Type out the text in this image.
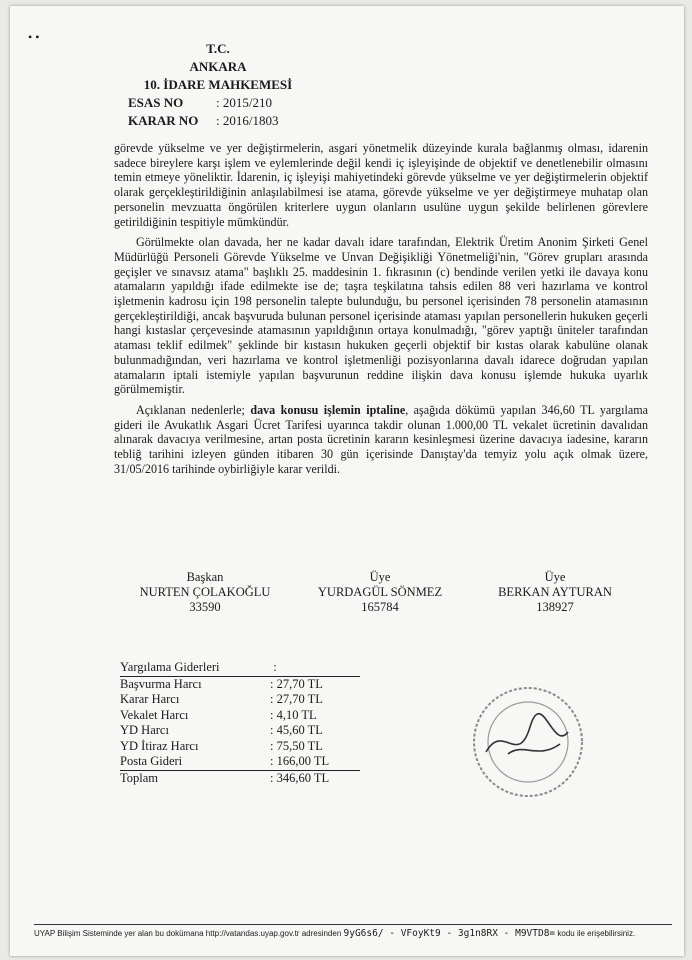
• •
T.C.
ANKARA
10. İDARE MAHKEMESİ
ESAS NO	: 2015/210
KARAR NO	: 2016/1803

görevde yükselme ve yer değiştirmelerin, asgari yönetmelik düzeyinde kurala bağlanmış olması, idarenin sadece bireylere karşı işlem ve eylemlerinde değil kendi iç işleyişinde de objektif ve denetlenebilir olmasını temin etmeye yöneliktir. İdarenin, iç işleyişi mahiyetindeki görevde yükselme ve yer değiştirmelerin objektif olarak gerçekleştirildiğinin anlaşılabilmesi ise atama, görevde yükselme ve yer değiştirmeye muhatap olan personelin mevzuatta öngörülen kriterlere uygun olanların usulüne uygun şekilde belirlenen görevlere getirildiğinin tespitiyle mümkündür.

Görülmekte olan davada, her ne kadar davalı idare tarafından, Elektrik Üretim Anonim Şirketi Genel Müdürlüğü Personeli Görevde Yükselme ve Unvan Değişikliği Yönetmeliği'nin, "Görev grupları arasında geçişler ve sınavsız atama" başlıklı 25. maddesinin 1. fıkrasının (c) bendinde verilen yetki ile davaya konu atamaların yapıldığı ifade edilmekte ise de; taşra teşkilatına tahsis edilen 88 veri hazırlama ve kontrol işletmenin kadrosu için 198 personelin talepte bulunduğu, bu personel içerisinden 78 personelin atamasının gerçekleştirildiği, ancak başvuruda bulunan personel içerisinde ataması yapılan personellerin hukuken geçerli hangi kıstaslar çerçevesinde atamasının yapıldığının ortaya konulmadığı, "görev yaptığı üniteler tarafından ataması teklif edilmek" şeklinde bir kıstasın hukuken geçerli objektif bir kıstas olarak kabulüne olanak bulunmadığından, veri hazırlama ve kontrol işletmenliği pozisyonlarına davalı idarece doğrudan yapılan atamaların iptali istemiyle yapılan başvurunun reddine ilişkin dava konusu işlemde hukuka uyarlık görülmemiştir.

Açıklanan nedenlerle; dava konusu işlemin iptaline, aşağıda dökümü yapılan 346,60 TL yargılama gideri ile Avukatlık Asgari Ücret Tarifesi uyarınca takdir olunan 1.000,00 TL vekalet ücretinin davalıdan alınarak davacıya verilmesine, artan posta ücretinin kararın kesinleşmesi üzerine davacıya iadesine, kararın tebliğ tarihini izleyen günden itibaren 30 gün içerisinde Danıştay'da temyiz yolu açık olmak üzere, 31/05/2016 tarihinde oybirliğiyle karar verildi.

Başkan
NURTEN ÇOLAKOĞLU
33590
Üye
YURDAGÜL SÖNMEZ
165784
Üye
BERKAN AYTURAN
138927
Yargılama Giderleri	:	
Başvurma Harcı	: 27,70 TL	
Karar Harcı	: 27,70 TL	
Vekalet Harcı	: 4,10 TL	
YD Harcı	: 45,60 TL	
YD İtiraz Harcı	: 75,50 TL	
Posta Gideri	: 166,00 TL	
Toplam	: 346,60 TL	
UYAP Bilişim Sisteminde yer alan bu dokümana http://vatandas.uyap.gov.tr adresinden 9yG6s6/ - VFoyKt9 - 3g1n8RX - M9VTD8= kodu ile erişebilirsiniz.
